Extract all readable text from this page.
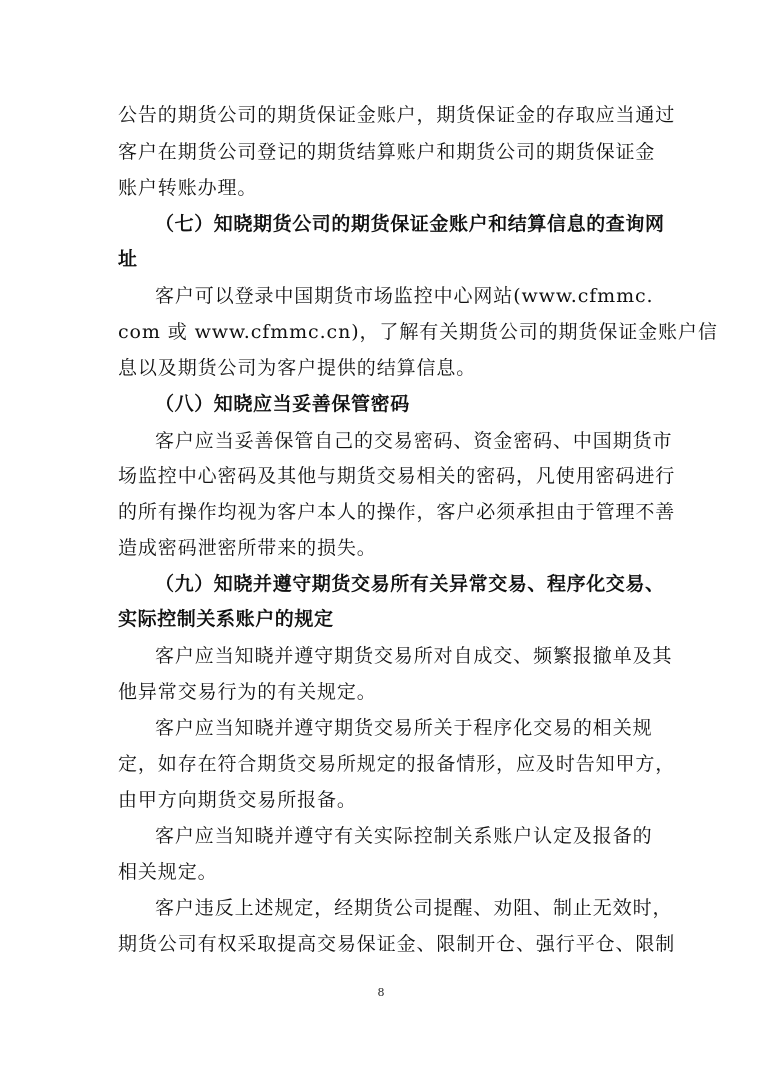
公告的期货公司的期货保证金账户，期货保证金的存取应当通过
客户在期货公司登记的期货结算账户和期货公司的期货保证金
账户转账办理。
（七）知晓期货公司的期货保证金账户和结算信息的查询网
址
客户可以登录中国期货市场监控中心网站(www.cfmmc.
com 或 www.cfmmc.cn)，了解有关期货公司的期货保证金账户信
息以及期货公司为客户提供的结算信息。
（八）知晓应当妥善保管密码
客户应当妥善保管自己的交易密码、资金密码、中国期货市
场监控中心密码及其他与期货交易相关的密码，凡使用密码进行
的所有操作均视为客户本人的操作，客户必须承担由于管理不善
造成密码泄密所带来的损失。
（九）知晓并遵守期货交易所有关异常交易、程序化交易、
实际控制关系账户的规定
客户应当知晓并遵守期货交易所对自成交、频繁报撤单及其
他异常交易行为的有关规定。
客户应当知晓并遵守期货交易所关于程序化交易的相关规
定，如存在符合期货交易所规定的报备情形，应及时告知甲方，
由甲方向期货交易所报备。
客户应当知晓并遵守有关实际控制关系账户认定及报备的
相关规定。
客户违反上述规定，经期货公司提醒、劝阻、制止无效时，
期货公司有权采取提高交易保证金、限制开仓、强行平仓、限制
8
